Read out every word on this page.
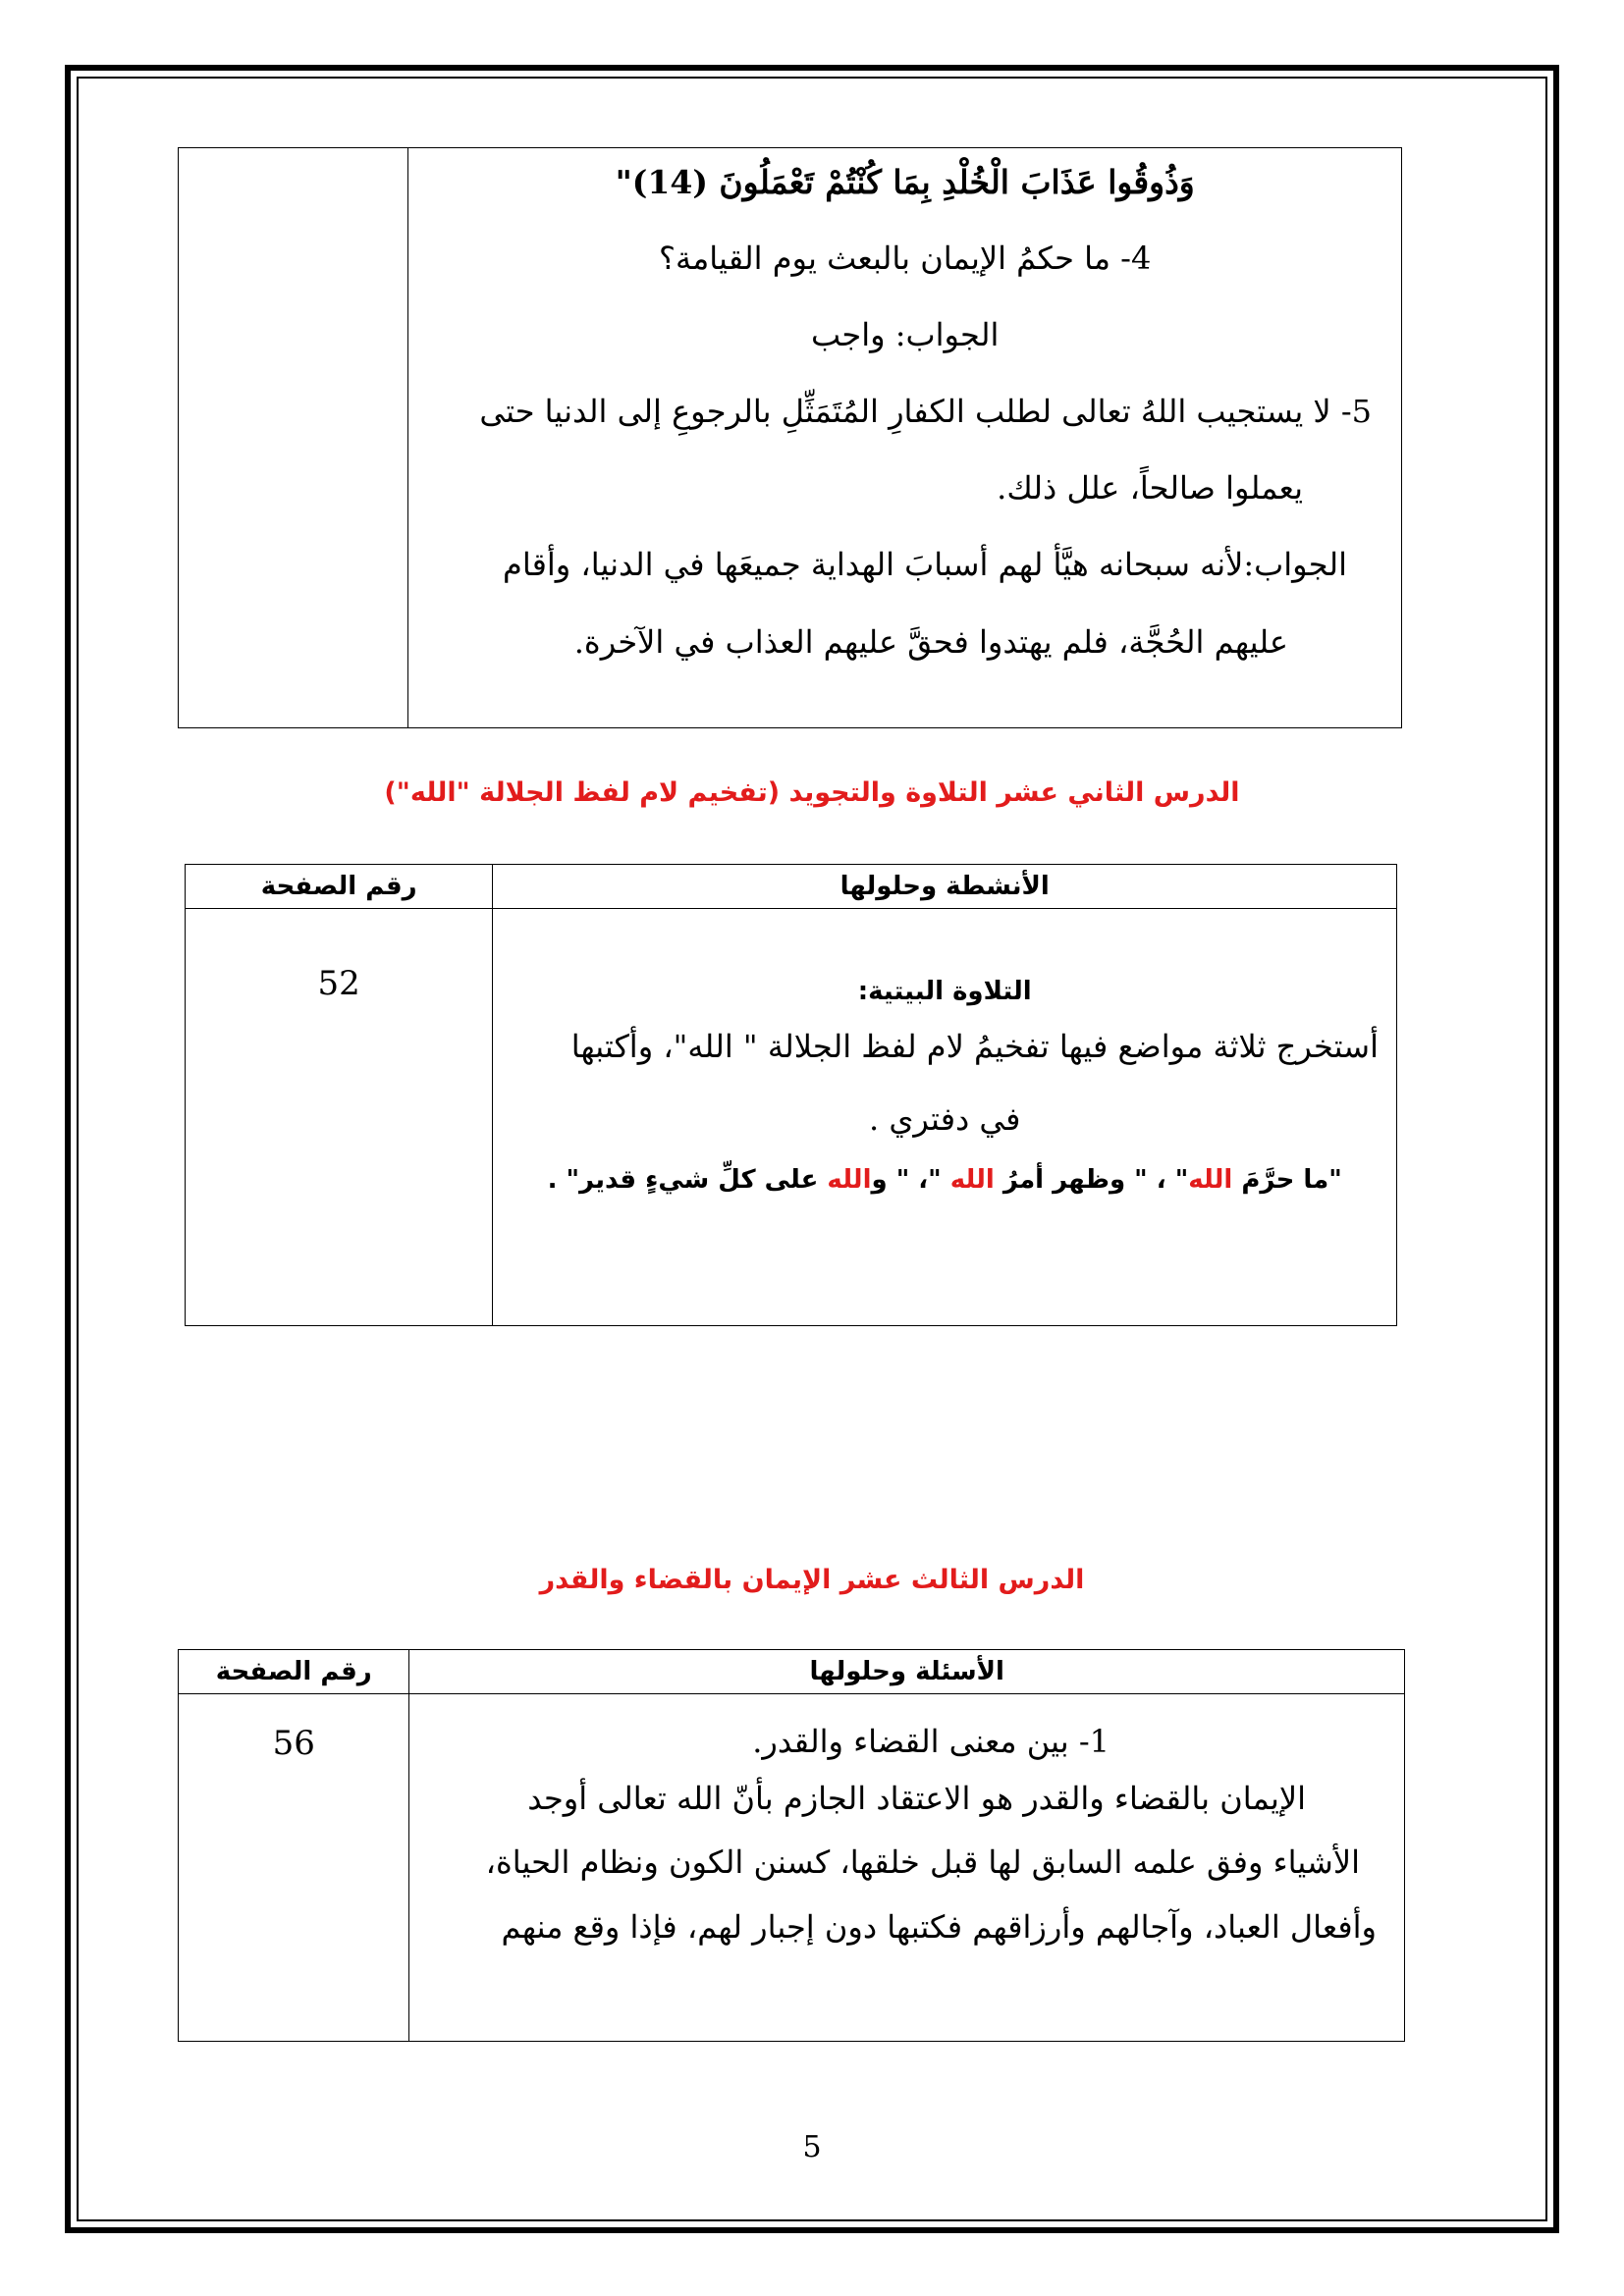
وَذُوقُوا عَذَابَ الْخُلْدِ بِمَا كُنْتُمْ تَعْمَلُونَ (14)"
4- ما حكمُ الإيمان بالبعث يوم القيامة؟
الجواب: واجب
5- لا يستجيب اللهُ تعالى لطلب الكفارِ المُتَمَثِّلِ بالرجوعِ إلى الدنيا حتى
يعملوا صالحاً، علل ذلك.
الجواب:لأنه سبحانه هيَّأ لهم أسبابَ الهداية جميعَها في الدنيا، وأقام
عليهم الحُجَّة، فلم يهتدوا فحقَّ عليهم العذاب في الآخرة.

الدرس الثاني عشر التلاوة والتجويد (تفخيم لام لفظ الجلالة "الله")
الأنشطة وحلولها	رقم الصفحة

التلاوة البيتية:
أستخرج ثلاثة مواضع فيها تفخيمُ لام لفظ الجلالة " الله"، وأكتبها
في دفتري .
"ما حرَّمَ الله" ، " وظهر أمرُ الله "، " والله على كلِّ شيءٍ قدير" .	52
الدرس الثالث عشر الإيمان بالقضاء والقدر
الأسئلة وحلولها	رقم الصفحة

1- بين معنى القضاء والقدر.
الإيمان بالقضاء والقدر هو الاعتقاد الجازم بأنّ الله تعالى أوجد
الأشياء وفق علمه السابق لها قبل خلقها، كسنن الكون ونظام الحياة،
وأفعال العباد، وآجالهم وأرزاقهم فكتبها دون إجبار لهم، فإذا وقع منهم	56
5
